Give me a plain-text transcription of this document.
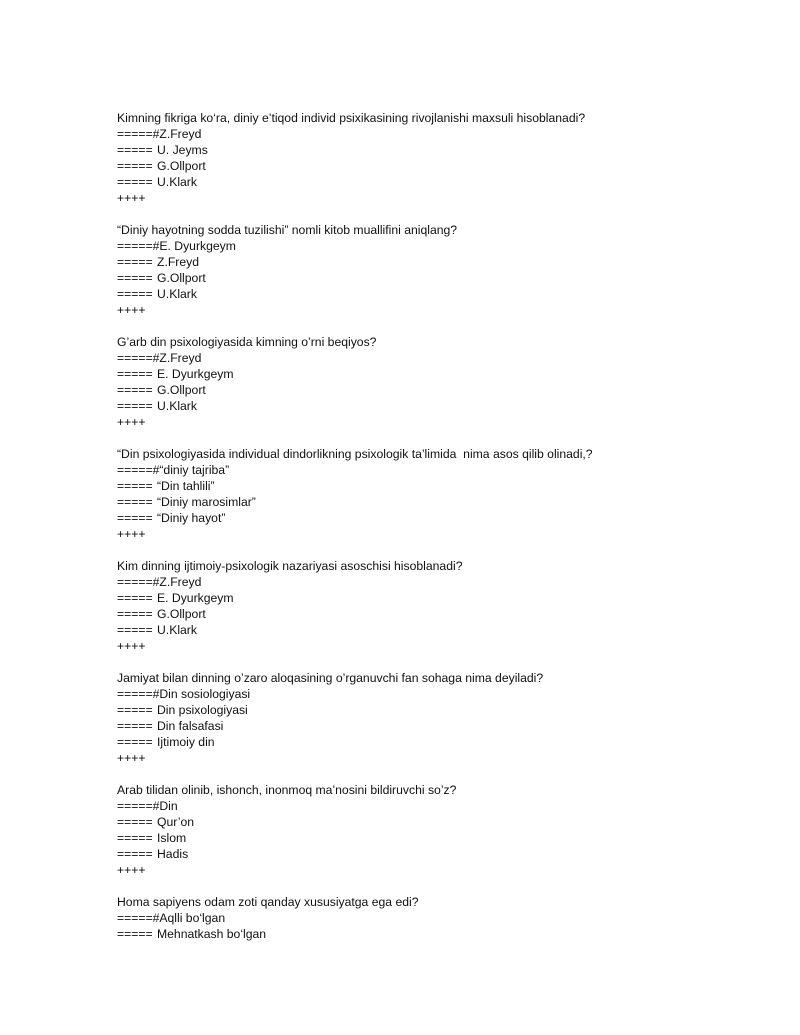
Kimning fikriga ko‘ra, diniy e’tiqod individ psixikasining rivojlanishi maxsuli hisoblanadi?
=====#Z.Freyd
===== U. Jeyms
===== G.Ollport
===== U.Klark
++++
“Diniy hayotning sodda tuzilishi” nomli kitob muallifini aniqlang?
=====#E. Dyurkgeym
===== Z.Freyd
===== G.Ollport
===== U.Klark
++++
G’arb din psixologiyasida kimning o’rni beqiyos?
=====#Z.Freyd
===== E. Dyurkgeym
===== G.Ollport
===== U.Klark
++++
“Din psixologiyasida individual dindorlikning psixologik ta’limida  nima asos qilib olinadi,?
=====#“diniy tajriba”
===== “Din tahlili”
===== “Diniy marosimlar”
===== “Diniy hayot”
++++
Kim dinning ijtimoiy-psixologik nazariyasi asoschisi hisoblanadi?
=====#Z.Freyd
===== E. Dyurkgeym
===== G.Ollport
===== U.Klark
++++
Jamiyat bilan dinning o’zaro aloqasining o’rganuvchi fan sohaga nima deyiladi?
=====#Din sosiologiyasi
===== Din psixologiyasi
===== Din falsafasi
===== Ijtimoiy din
++++
Arab tilidan olinib, ishonch, inonmoq ma’nosini bildiruvchi so’z?
=====#Din
===== Qur’on
===== Islom
===== Hadis
++++
Homa sapiyens odam zoti qanday xususiyatga ega edi?
=====#Aqlli bo‘lgan
===== Mehnatkash bo‘lgan
